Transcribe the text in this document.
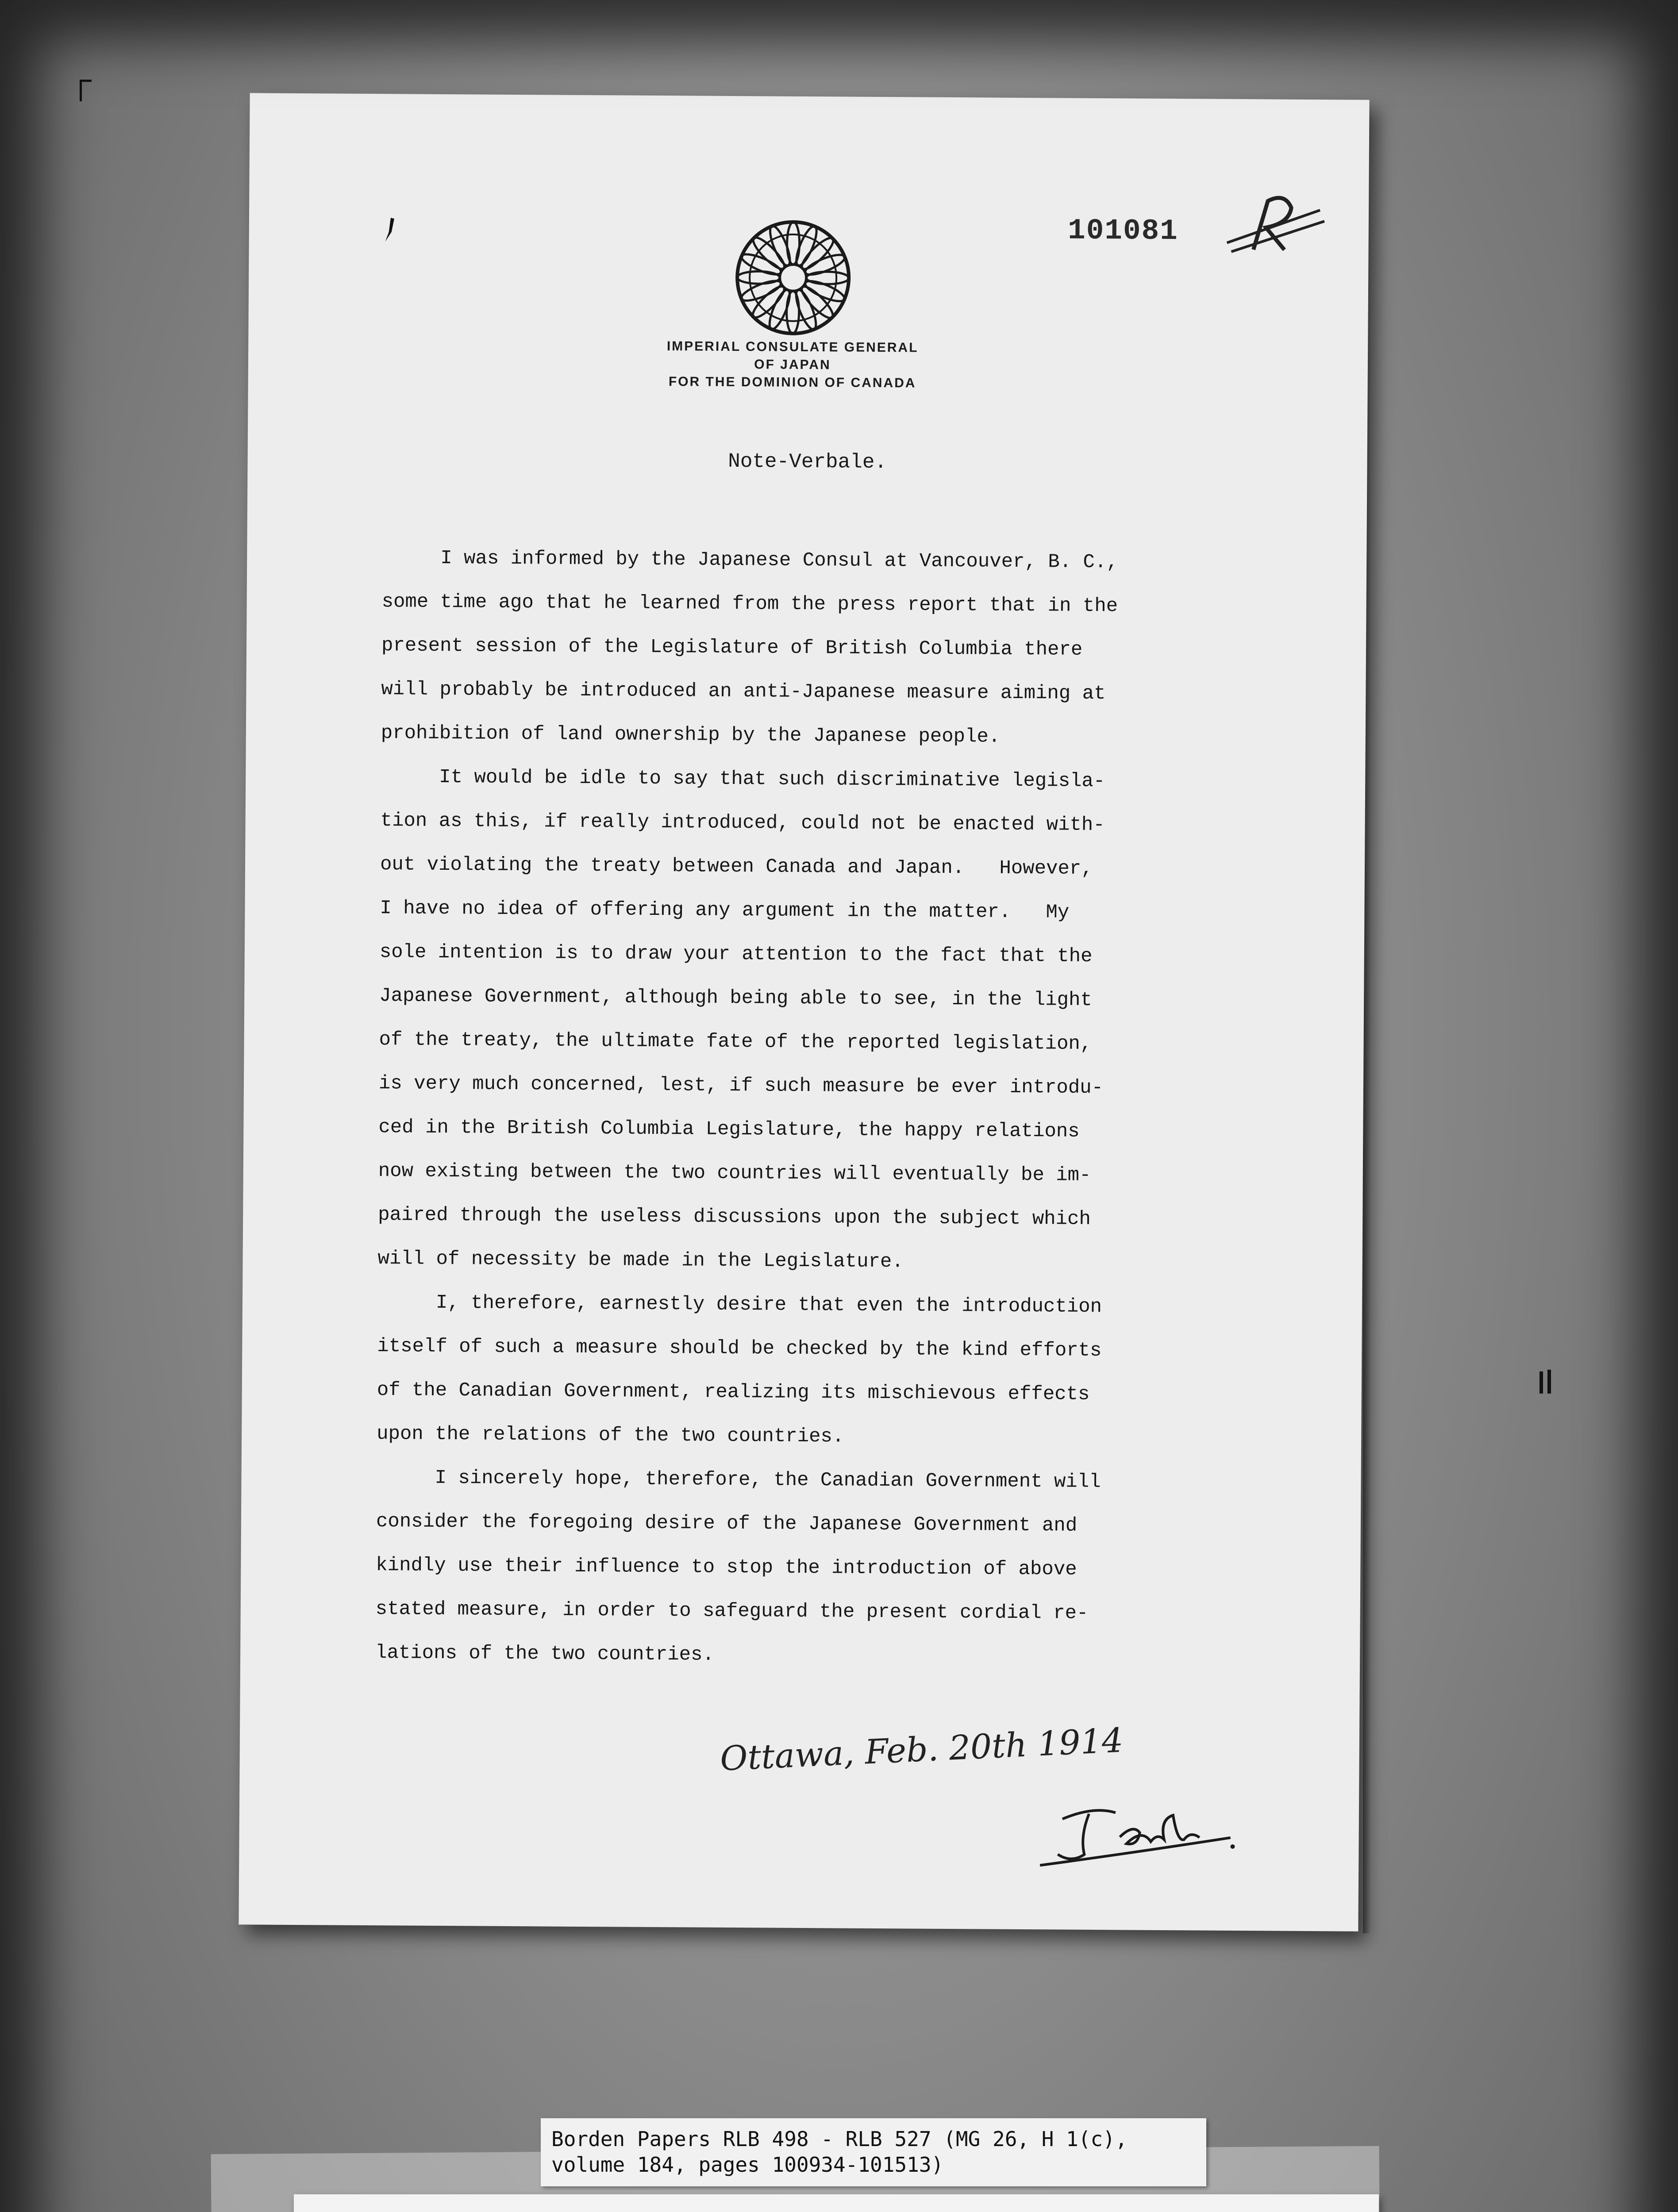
IMPERIAL CONSULATE GENERAL
OF JAPAN
FOR THE DOMINION OF CANADA
101081
Note-Verbale.
I was informed by the Japanese Consul at Vancouver, B. C.,
some time ago that he learned from the press report that in the
present session of the Legislature of British Columbia there
will probably be introduced an anti-Japanese measure aiming at
prohibition of land ownership by the Japanese people.
It would be idle to say that such discriminative legisla-
tion as this, if really introduced, could not be enacted with-
out violating the treaty between Canada and Japan.   However,
I have no idea of offering any argument in the matter.   My
sole intention is to draw your attention to the fact that the
Japanese Government, although being able to see, in the light
of the treaty, the ultimate fate of the reported legislation,
is very much concerned, lest, if such measure be ever introdu-
ced in the British Columbia Legislature, the happy relations
now existing between the two countries will eventually be im-
paired through the useless discussions upon the subject which
will of necessity be made in the Legislature.
I, therefore, earnestly desire that even the introduction
itself of such a measure should be checked by the kind efforts
of the Canadian Government, realizing its mischievous effects
upon the relations of the two countries.
I sincerely hope, therefore, the Canadian Government will
consider the foregoing desire of the Japanese Government and
kindly use their influence to stop the introduction of above
stated measure, in order to safeguard the present cordial re-
lations of the two countries.
Ottawa, Feb. 20th 1914
Borden Papers RLB 498 - RLB 527 (MG 26, H 1(c),
volume 184, pages 100934-101513)
